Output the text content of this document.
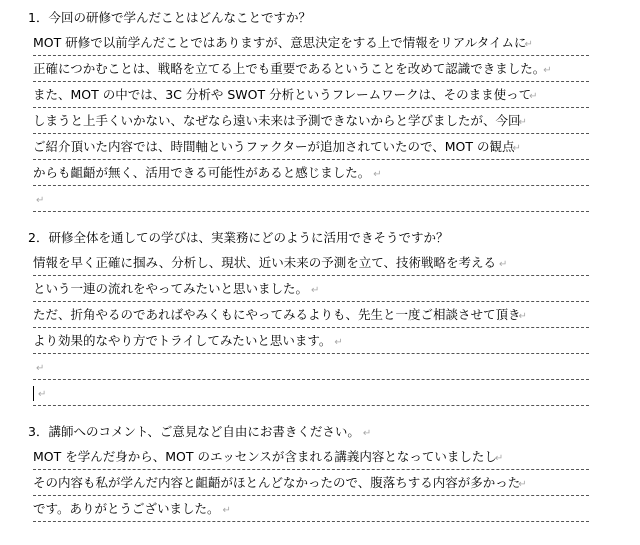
1．今回の研修で学んだことはどんなことですか？
MOT 研修で以前学んだことではありますが、意思決定をする上で情報をリアルタイムに↵
正確につかむことは、戦略を立てる上でも重要であるということを改めて認識できました。↵
また、MOT の中では、3C 分析や SWOT 分析というフレームワークは、そのまま使って↵
しまうと上手くいかない、なぜなら遠い未来は予測できないからと学びましたが、今回↵
ご紹介頂いた内容では、時間軸というファクターが追加されていたので、MOT の観点↵
からも齟齬が無く、活用できる可能性があると感じました。 ↵
↵
2．研修全体を通しての学びは、実業務にどのように活用できそうですか？
情報を早く正確に掴み、分析し、現状、近い未来の予測を立て、技術戦略を考える ↵
という一連の流れをやってみたいと思いました。 ↵
ただ、折角やるのであればやみくもにやってみるよりも、先生と一度ご相談させて頂き↵
より効果的なやり方でトライしてみたいと思います。 ↵
↵
↵
3．講師へのコメント、ご意見など自由にお書きください。 ↵
MOT を学んだ身から、MOT のエッセンスが含まれる講義内容となっていましたし↵
その内容も私が学んだ内容と齟齬がほとんどなかったので、腹落ちする内容が多かった↵
です。ありがとうございました。 ↵
